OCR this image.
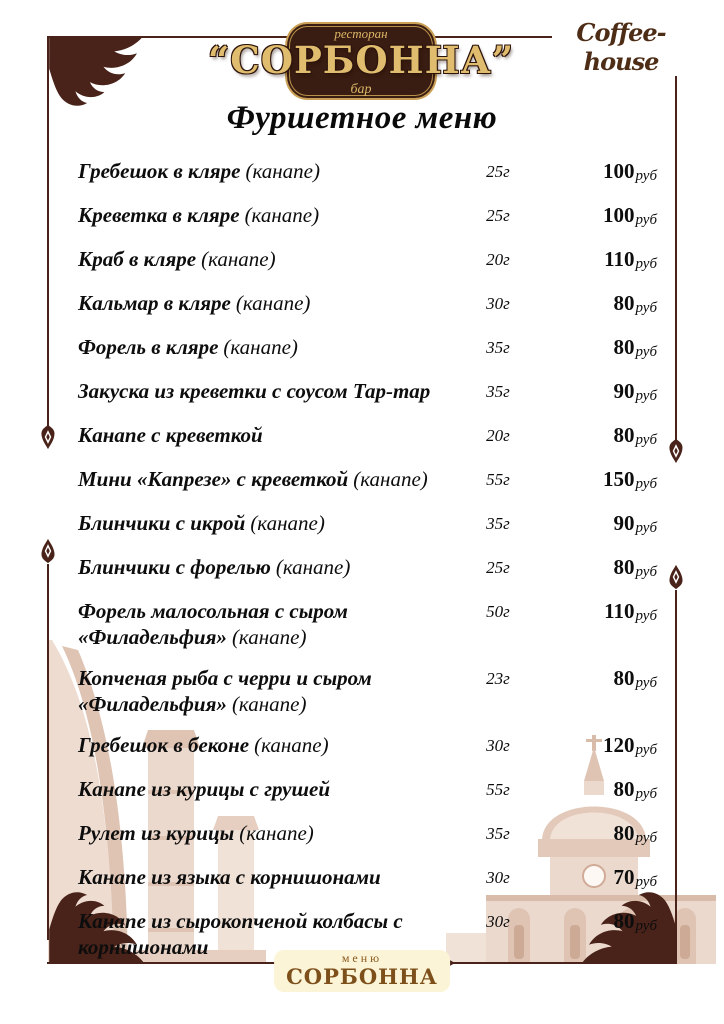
ресторан
“СОРБОННА”
бар
Coffee-house
Фуршетное меню
Гребешок в кляре (канапе)	25г	100руб
Креветка в кляре (канапе)	25г	100руб
Краб в кляре (канапе)	20г	110руб
Кальмар в кляре (канапе)	30г	80руб
Форель в кляре (канапе)	35г	80руб
Закуска из креветки с соусом Тар-тар	35г	90руб
Канапе с креветкой	20г	80руб
Мини «Капрезе» с креветкой (канапе)	55г	150руб
Блинчики с икрой (канапе)	35г	90руб
Блинчики с форелью (канапе)	25г	80руб
Форель малосольная с сыром «Филадельфия» (канапе)
50г	110руб
Копченая рыба с черри и сыром «Филадельфия» (канапе)
23г	80руб
Гребешок в беконе (канапе)	30г	120руб
Канапе из курицы с грушей	55г	80руб
Рулет из курицы (канапе)	35г	80руб
Канапе из языка с корнишонами	30г	70руб
Канапе из сырокопченой колбасы с корнишонами
30г	80руб
меню
СОРБОННА
